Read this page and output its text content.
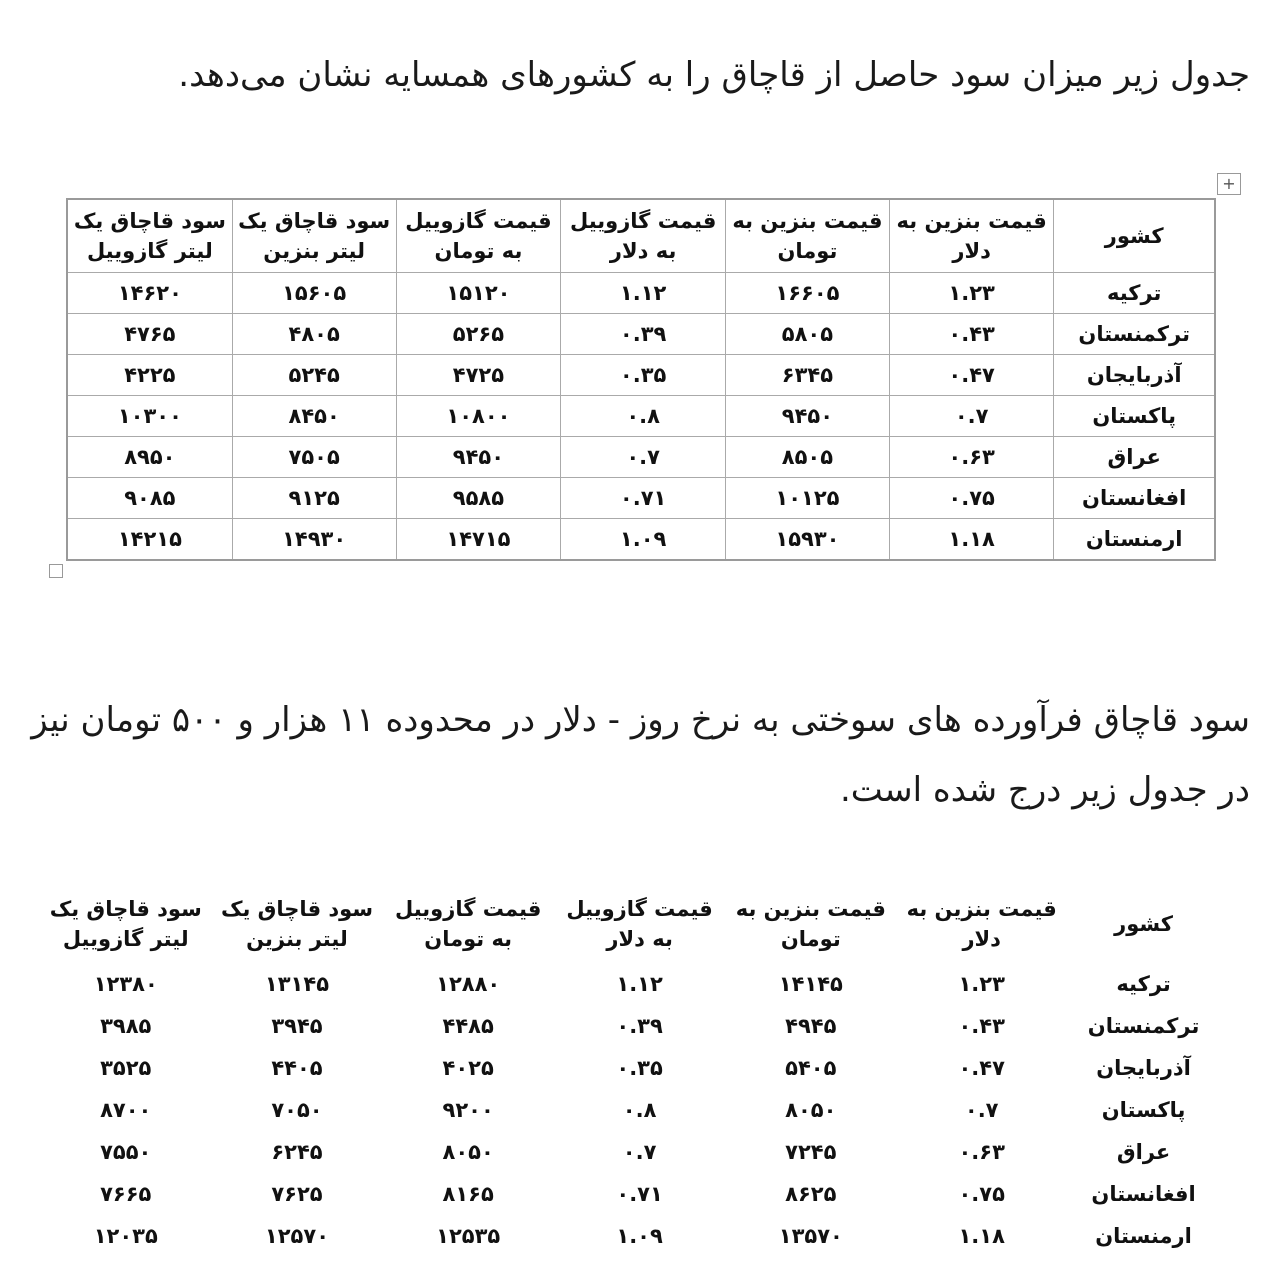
جدول زیر میزان سود حاصل از قاچاق را به کشورهای همسایه نشان می‌دهد.

+
کشور	قیمت بنزین به دلار	قیمت بنزین به تومان	قیمت گازوییل به دلار	قیمت گازوییل به تومان	سود قاچاق یک لیتر بنزین	سود قاچاق یک لیتر گازوییل
ترکیه	۱.۲۳	۱۶۶۰۵	۱.۱۲	۱۵۱۲۰	۱۵۶۰۵	۱۴۶۲۰
ترکمنستان	۰.۴۳	۵۸۰۵	۰.۳۹	۵۲۶۵	۴۸۰۵	۴۷۶۵
آذربایجان	۰.۴۷	۶۳۴۵	۰.۳۵	۴۷۲۵	۵۲۴۵	۴۲۲۵
پاکستان	۰.۷	۹۴۵۰	۰.۸	۱۰۸۰۰	۸۴۵۰	۱۰۳۰۰
عراق	۰.۶۳	۸۵۰۵	۰.۷	۹۴۵۰	۷۵۰۵	۸۹۵۰
افغانستان	۰.۷۵	۱۰۱۲۵	۰.۷۱	۹۵۸۵	۹۱۲۵	۹۰۸۵
ارمنستان	۱.۱۸	۱۵۹۳۰	۱.۰۹	۱۴۷۱۵	۱۴۹۳۰	۱۴۲۱۵

سود قاچاق فرآورده های سوختی به نرخ روز - دلار در محدوده ۱۱ هزار و ۵۰۰ تومان نیز در جدول زیر درج شده است.

کشور	قیمت بنزین به دلار	قیمت بنزین به تومان	قیمت گازوییل به دلار	قیمت گازوییل به تومان	سود قاچاق یک لیتر بنزین	سود قاچاق یک لیتر گازوییل
ترکیه	۱.۲۳	۱۴۱۴۵	۱.۱۲	۱۲۸۸۰	۱۳۱۴۵	۱۲۳۸۰
ترکمنستان	۰.۴۳	۴۹۴۵	۰.۳۹	۴۴۸۵	۳۹۴۵	۳۹۸۵
آذربایجان	۰.۴۷	۵۴۰۵	۰.۳۵	۴۰۲۵	۴۴۰۵	۳۵۲۵
پاکستان	۰.۷	۸۰۵۰	۰.۸	۹۲۰۰	۷۰۵۰	۸۷۰۰
عراق	۰.۶۳	۷۲۴۵	۰.۷	۸۰۵۰	۶۲۴۵	۷۵۵۰
افغانستان	۰.۷۵	۸۶۲۵	۰.۷۱	۸۱۶۵	۷۶۲۵	۷۶۶۵
ارمنستان	۱.۱۸	۱۳۵۷۰	۱.۰۹	۱۲۵۳۵	۱۲۵۷۰	۱۲۰۳۵
